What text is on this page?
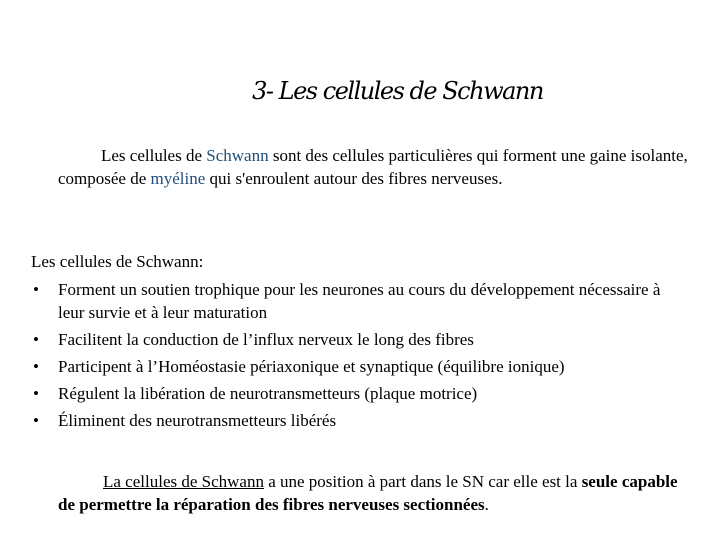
3- Les cellules de Schwann

Les cellules de Schwann sont des cellules particulières qui forment une gaine isolante, composée de myéline qui s'enroulent autour des fibres nerveuses.

Les cellules de Schwann:
• Forment un soutien trophique pour les neurones au cours du développement nécessaire à leur survie et à leur maturation
• Facilitent la conduction de l’influx nerveux le long des fibres
• Participent à l’Homéostasie périaxonique et synaptique (équilibre ionique)
• Régulent la libération de neurotransmetteurs (plaque motrice)
• Éliminent des neurotransmetteurs libérés

La cellules de Schwann a une position à part dans le SN car elle est la seule capable de permettre la réparation des fibres nerveuses sectionnées.
